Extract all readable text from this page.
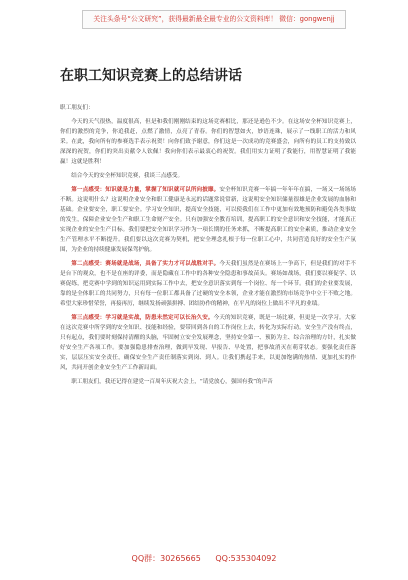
关注头条号“公文研究”，获得最新最全最专业的公文资料库！ 微信：gongwenjj
在职工知识竞赛上的总结讲话

职工朋友们：

今天的天气很热，温度很高，但是和我们刚刚结束的这场竞赛相比，那还是逊色不少。在这场安全杯知识竞赛上，你们的激烈的竞争，你追我赶，点燃了激情，点亮了青春。你们的智慧如火，妙语连珠，展示了一线职工的活力和风采。在此，我向所有的参赛选手表示祝贺！向你们致予谢意，你们这是一次成功的竞赛盛会，向所有的员工的支持致以深深的祝贺，你们的突出贡献令人钦佩！我向你们表示最衷心的祝贺。我们用实力证明了我能行，用智慧证明了我能赢！这就是胜利！

结合今天的安全杯知识竞赛，我谈三点感受。

第一点感受：知识就是力量，掌握了知识就可以所向披靡。安全杯知识竞赛一年搞一年年年在搞，一场又一场场场不断。这说明什么？这说明企业安全和职工健康是永远的话题常说常新，这说明安全知识储量很雄是企业发展的血脉和基础。企业要安全，职工要安全。学习安全知识，提高安全技能，可以使我们在工作中更加有效地预防和避免各类事故的发生，保障企业安全生产和职工生命财产安全。只有加强安全教育培训，提高职工的安全意识和安全技能，才能真正实现企业的安全生产目标。我们要把安全知识学习作为一项长期的任务来抓，不断提高职工的安全素质，推动企业安全生产管理水平不断提升。我们要以这次竞赛为契机，把安全理念扎根于每一位职工心中，共同营造良好的安全生产氛围，为企业的持续健康发展保驾护航。

第二点感受：赛场就是战场，具备了实力才可以战胜对手。今天我们虽然是在赛场上一争高下，但是我们的对手不是台下的观众，也不是在座的评委，而是隐藏在工作中的各种安全隐患和事故苗头。赛场如战场，我们要以赛促学、以赛促练，把竞赛中学到的知识运用到实际工作中去，把安全意识落实到每一个岗位、每一个环节。我们的企业要发展，靠的是全体职工的共同努力，只有每一位职工都具备了过硬的安全本领，企业才能在激烈的市场竞争中立于不败之地。希望大家珍惜荣誉，再接再厉，继续发扬顽强拼搏、团结协作的精神，在平凡的岗位上做出不平凡的业绩。

第三点感受：学习就是实战，防患未然定可以长治久安。今天的知识竞赛，既是一场比赛，但更是一次学习。大家在这次竞赛中所学到的安全知识、技能和经验，要带回到各自的工作岗位上去，转化为实际行动。安全生产没有终点，只有起点，我们要时刻保持清醒的头脑，牢固树立安全发展理念，坚持安全第一、预防为主、综合治理的方针，扎实做好安全生产各项工作。要加强隐患排查治理，做到早发现、早报告、早处置，把事故消灭在萌芽状态。要强化责任落实，层层压实安全责任，确保安全生产责任制落实到岗、到人。让我们携起手来，以更加饱满的热情、更加扎实的作风，共同开创企业安全生产工作新局面。

职工朋友们，我还记得在建党一百周年庆祝大会上，“请党放心，强国有我”的声音

QQ群：30265665 QQ:535304092
